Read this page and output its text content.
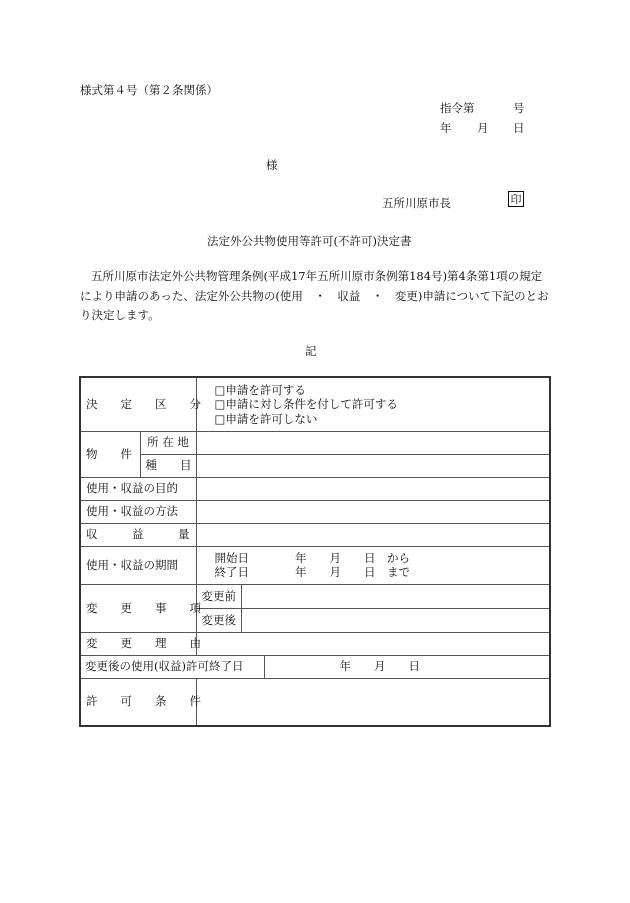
様式第４号（第２条関係）
指令第	号
年 月 日
様
五所川原市長	印
法定外公共物使用等許可(不許可)決定書
五所川原市法定外公共物管理条例(平成17年五所川原市条例第184号)第4条第1項の規定により申請のあった、法定外公共物の(使用　・　収益　・　変更)申請について下記のとおり決定します。
記
決　　定　　区　　分		□申請を許可する
□申請に対し条件を付して許可する
□申請を許可しない		

物　　件	所 在 地			
	種　　目			
使用・収益の目的				
使用・収益の方法				
収　　　益　　　量				
使用・収益の期間		開始日　　　　年　　月　　日　から
終了日　　　　年　　月　　日　まで		

変　　更　　事　　項		変更前		
		変更後		
変　　更　　理　　由				
変更後の使用(収益)許可終了日				年　　月　　日
許　　可　　条　　件				
